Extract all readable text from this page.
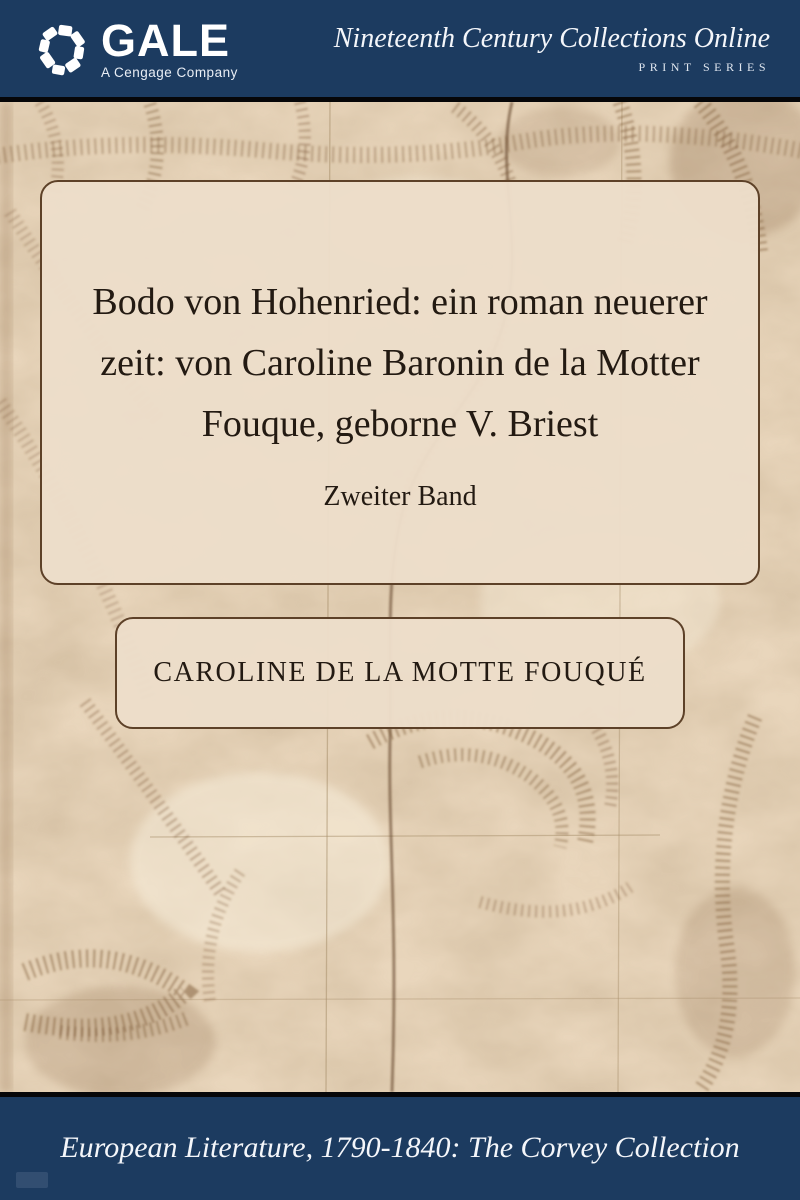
GALE
A Cengage Company
Nineteenth Century Collections Online
PRINT SERIES
Bodo von Hohenried: ein roman neuerer
zeit: von Caroline Baronin de la Motter
Fouque, geborne V. Briest
Zweiter Band
CAROLINE DE LA MOTTE FOUQUÉ
European Literature, 1790-1840: The Corvey Collection
